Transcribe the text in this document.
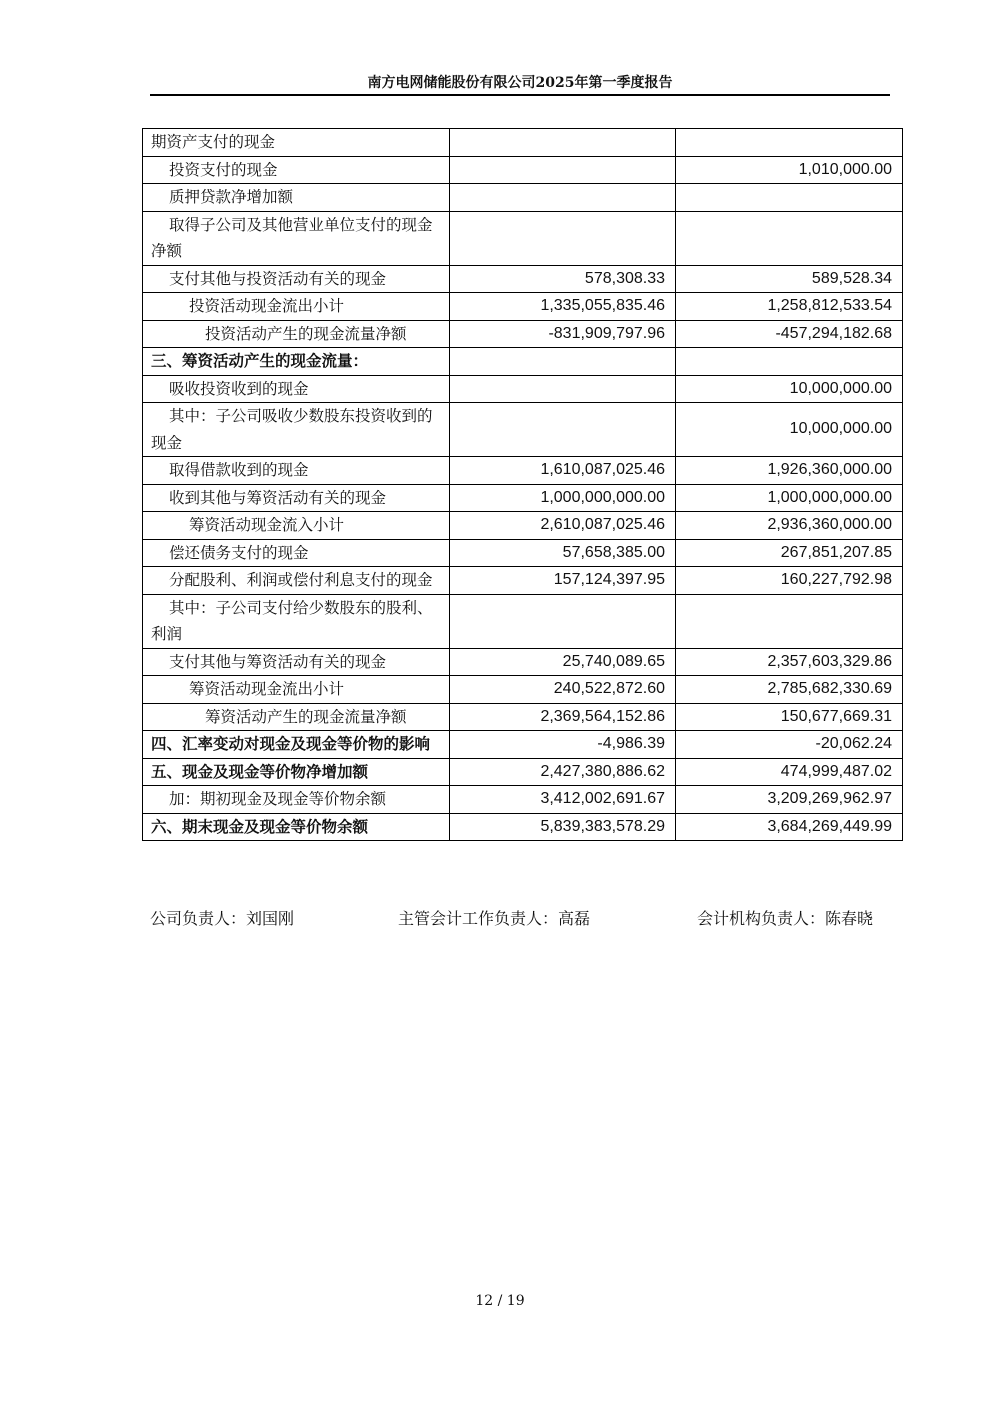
南方电网储能股份有限公司2025年第一季度报告
期资产支付的现金		
投资支付的现金		1,010,000.00
质押贷款净增加额		
取得子公司及其他营业单位支付的现金净额		
支付其他与投资活动有关的现金	578,308.33	589,528.34
投资活动现金流出小计	1,335,055,835.46	1,258,812,533.54
投资活动产生的现金流量净额	-831,909,797.96	-457,294,182.68
三、筹资活动产生的现金流量：		
吸收投资收到的现金		10,000,000.00
其中：子公司吸收少数股东投资收到的现金		10,000,000.00
取得借款收到的现金	1,610,087,025.46	1,926,360,000.00
收到其他与筹资活动有关的现金	1,000,000,000.00	1,000,000,000.00
筹资活动现金流入小计	2,610,087,025.46	2,936,360,000.00
偿还债务支付的现金	57,658,385.00	267,851,207.85
分配股利、利润或偿付利息支付的现金	157,124,397.95	160,227,792.98
其中：子公司支付给少数股东的股利、利润		
支付其他与筹资活动有关的现金	25,740,089.65	2,357,603,329.86
筹资活动现金流出小计	240,522,872.60	2,785,682,330.69
筹资活动产生的现金流量净额	2,369,564,152.86	150,677,669.31
四、汇率变动对现金及现金等价物的影响	-4,986.39	-20,062.24
五、现金及现金等价物净增加额	2,427,380,886.62	474,999,487.02
加：期初现金及现金等价物余额	3,412,002,691.67	3,209,269,962.97
六、期末现金及现金等价物余额	5,839,383,578.29	3,684,269,449.99
公司负责人：刘国刚	主管会计工作负责人：高磊	会计机构负责人：陈春晓
12 / 19
